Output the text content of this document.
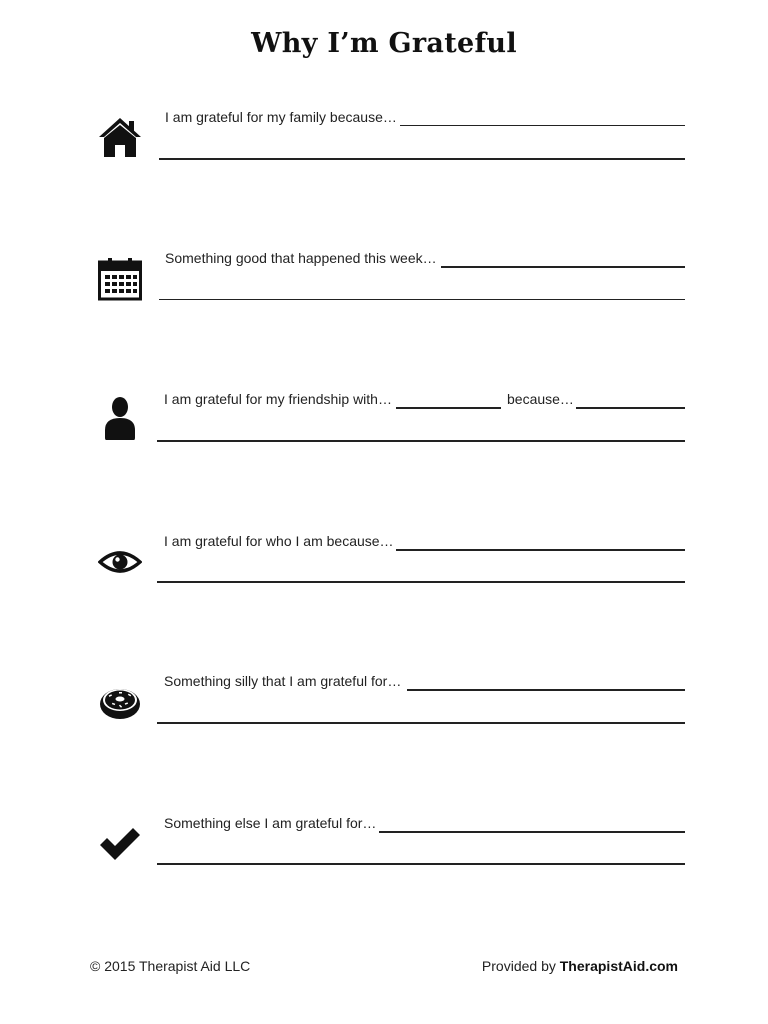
Why I’m Grateful
I am grateful for my family because…
Something good that happened this week…
I am grateful for my friendship with…	because…
I am grateful for who I am because…
Something silly that I am grateful for…
Something else I am grateful for…
© 2015 Therapist Aid LLC	Provided by TherapistAid.com
